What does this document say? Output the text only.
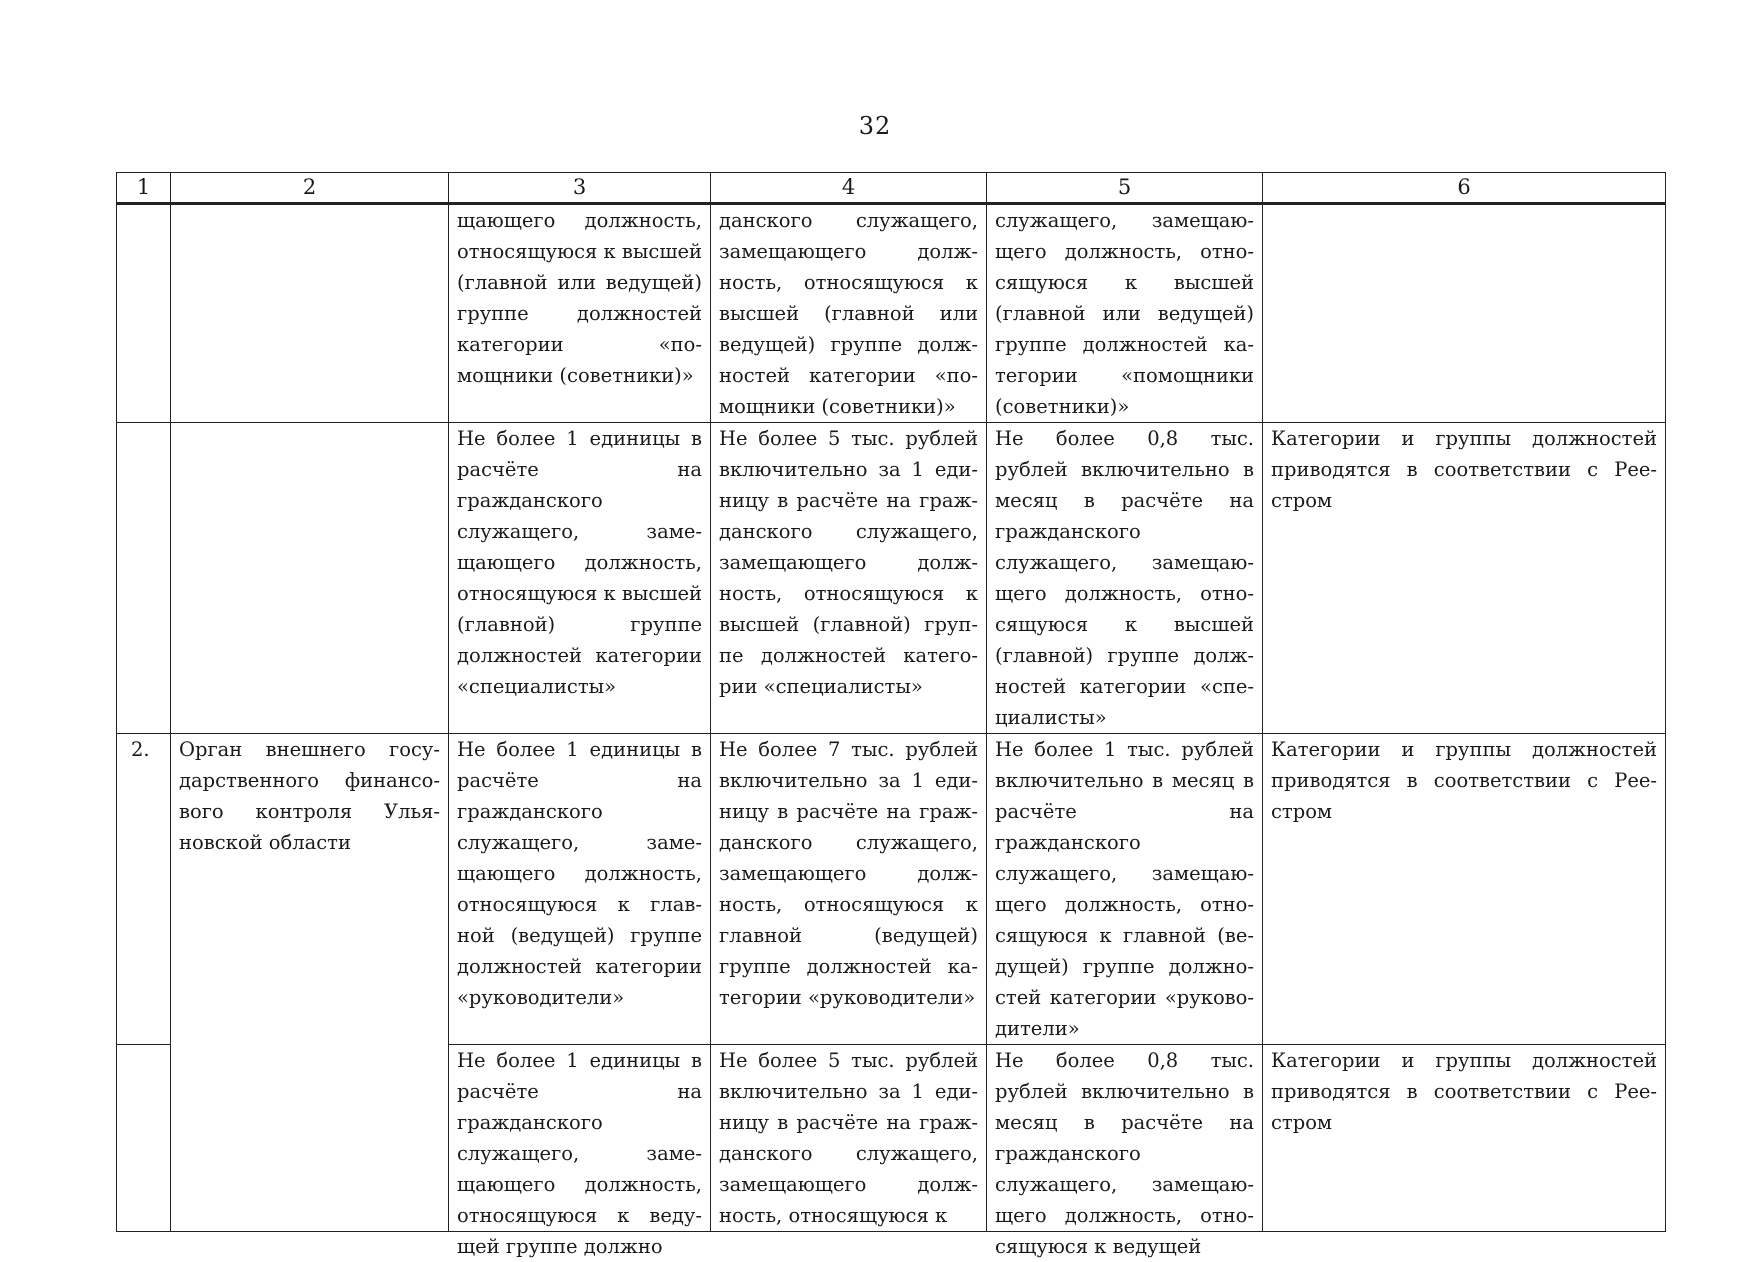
32
1	2	3	4	5	6
		щающего должность, относящуюся к высшей (главной или ведущей) группе должностей категории «помощники (советники)»	данского служащего, замещающего должность, относящуюся к высшей (главной или ведущей) группе должностей категории «помощники (советники)»	служащего, замещающего должность, относящуюся к высшей (главной или ведущей) группе должностей категории «помощники (советники)»	
		Не более 1 единицы в расчёте на гражданского служащего, замещающего должность, относящуюся к высшей (главной) группе должностей категории «специалисты»	Не более 5 тыс. рублей включительно за 1 единицу в расчёте на гражданского служащего, замещающего должность, относящуюся к высшей (главной) группе должностей категории «специалисты»	Не более 0,8 тыс. рублей включительно в месяц в расчёте на гражданского служащего, замещающего должность, относящуюся к высшей (главной) группе должностей категории «специалисты»	Категории и группы должностей приводятся в соответствии с Реестром
2.	Орган внешнего государственного финансового контроля Ульяновской области	Не более 1 единицы в расчёте на гражданского служащего, замещающего должность, относящуюся к главной (ведущей) группе должностей категории «руководители»	Не более 7 тыс. рублей включительно за 1 единицу в расчёте на гражданского служащего, замещающего должность, относящуюся к главной (ведущей) группе должностей категории «руководители»	Не более 1 тыс. рублей включительно в месяц в расчёте на гражданского служащего, замещающего должность, относящуюся к главной (ведущей) группе должностей категории «руководители»	Категории и группы должностей приводятся в соответствии с Реестром

		Не более 1 единицы в расчёте на гражданского служащего, замещающего должность, относящуюся к ведущей группе должно	Не более 5 тыс. рублей включительно за 1 единицу в расчёте на гражданского служащего, замещающего должность, относящуюся к	Не более 0,8 тыс. рублей включительно в месяц в расчёте на гражданского служащего, замещающего должность, относящуюся к ведущей	Категории и группы должностей приводятся в соответствии с Реестром
